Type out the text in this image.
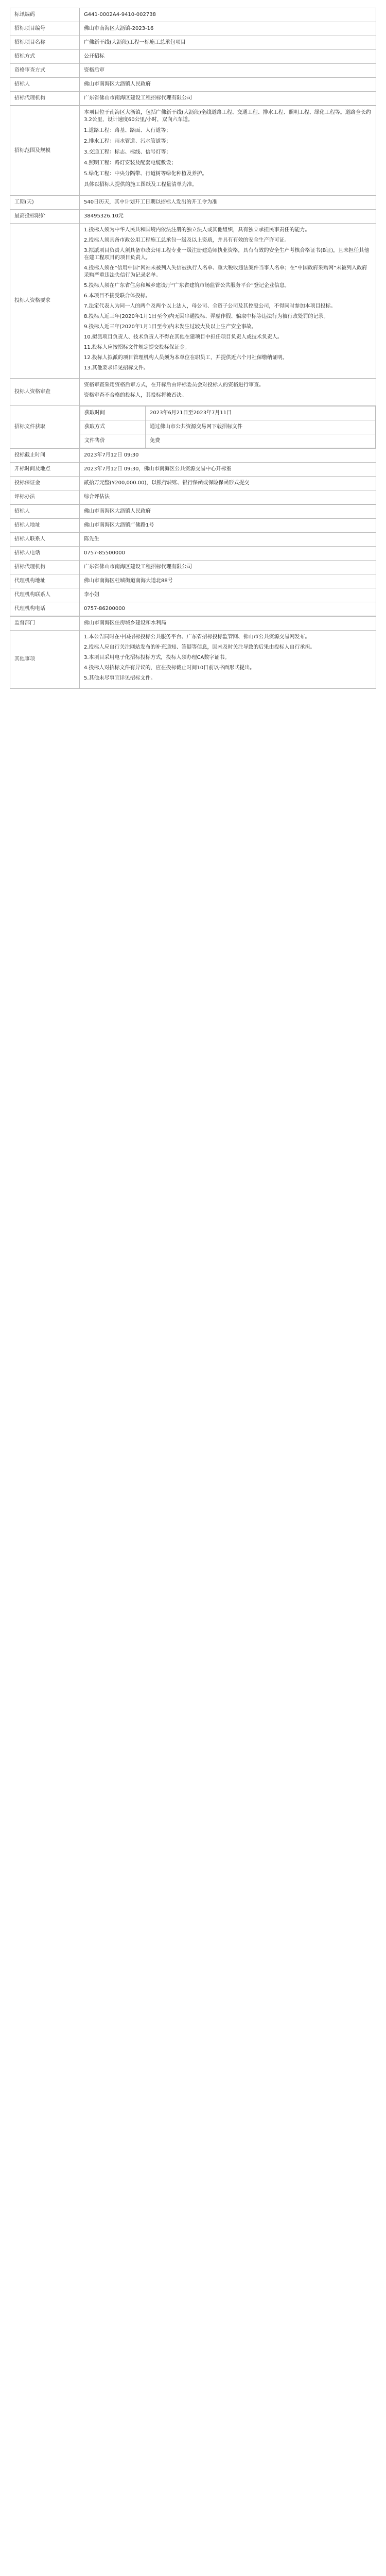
标讯编码	G441-0002A4-9410-002738
招标项目编号	佛山市南海区大沥镇-2023-16
招标项目名称	广佛新干线(大沥段)工程一标施工总承包项目
招标方式	公开招标
资格审查方式	资格后审
招标人	佛山市南海区大沥镇人民政府
招标代理机构	广东省佛山市南海区建设工程招标代理有限公司
招标范围及规模	
本项目位于南海区大沥镇，包括广佛新干线(大沥段)全线道路工程、交通工程、排水工程、照明工程、绿化工程等。道路全长约3.2公里，设计速度60公里/小时，双向六车道。
1.道路工程：路基、路面、人行道等；
2.排水工程：雨水管道、污水管道等；
3.交通工程：标志、标线、信号灯等；
4.照明工程：路灯安装及配套电缆敷设；
5.绿化工程：中央分隔带、行道树等绿化种植及养护。
具体以招标人提供的施工图纸及工程量清单为准。

工期(天)	540日历天，其中计划开工日期以招标人发出的开工令为准
最高投标限价	38495326.10元
投标人资格要求	
1.投标人须为中华人民共和国境内依法注册的独立法人或其他组织，具有独立承担民事责任的能力。
2.投标人须具备市政公用工程施工总承包一级及以上资质，并具有有效的安全生产许可证。
3.拟派项目负责人须具备市政公用工程专业一级注册建造师执业资格，具有有效的安全生产考核合格证书(B证)，且未担任其他在建工程项目的项目负责人。
4.投标人须在“信用中国”网站未被列入失信被执行人名单、重大税收违法案件当事人名单；在“中国政府采购网”未被列入政府采购严重违法失信行为记录名单。
5.投标人须在广东省住房和城乡建设厅“广东省建筑市场监管公共服务平台”登记企业信息。
6.本项目不接受联合体投标。
7.法定代表人为同一人的两个及两个以上法人，母公司、全资子公司及其控股公司，不得同时参加本项目投标。
8.投标人近三年(2020年1月1日至今)内无因串通投标、弄虚作假、骗取中标等违法行为被行政处罚的记录。
9.投标人近三年(2020年1月1日至今)内未发生过较大及以上生产安全事故。
10.拟派项目负责人、技术负责人不得在其他在建项目中担任项目负责人或技术负责人。
11.投标人应按招标文件规定提交投标保证金。
12.投标人拟派的项目管理机构人员须为本单位在职员工，并提供近六个月社保缴纳证明。
13.其他要求详见招标文件。

投标人资格审查	
资格审查采用资格后审方式，在开标后由评标委员会对投标人的资格进行审查。
资格审查不合格的投标人，其投标将被否决。

招标文件获取	
获取时间	2023年6月21日至2023年7月11日
获取方式	通过佛山市公共资源交易网下载招标文件
文件售价	免费

投标截止时间	2023年7月12日 09:30
开标时间及地点	2023年7月12日 09:30，佛山市南海区公共资源交易中心开标室
投标保证金	贰拾万元整(¥200,000.00)，以银行转账、银行保函或保险保函形式提交
评标办法	综合评估法
招标人	佛山市南海区大沥镇人民政府
招标人地址	佛山市南海区大沥镇广佛路1号
招标人联系人	陈先生
招标人电话	0757-85500000
招标代理机构	广东省佛山市南海区建设工程招标代理有限公司
代理机构地址	佛山市南海区桂城街道南海大道北88号
代理机构联系人	李小姐
代理机构电话	0757-86200000
监督部门	佛山市南海区住房城乡建设和水利局
其他事项	1.本公告同时在中国招标投标公共服务平台、广东省招标投标监管网、佛山市公共资源交易网发布。
2.投标人应自行关注网站发布的补充通知、答疑等信息，因未及时关注导致的后果由投标人自行承担。
3.本项目采用电子化招标投标方式，投标人须办理CA数字证书。
4.投标人对招标文件有异议的，应在投标截止时间10日前以书面形式提出。
5.其他未尽事宜详见招标文件。
